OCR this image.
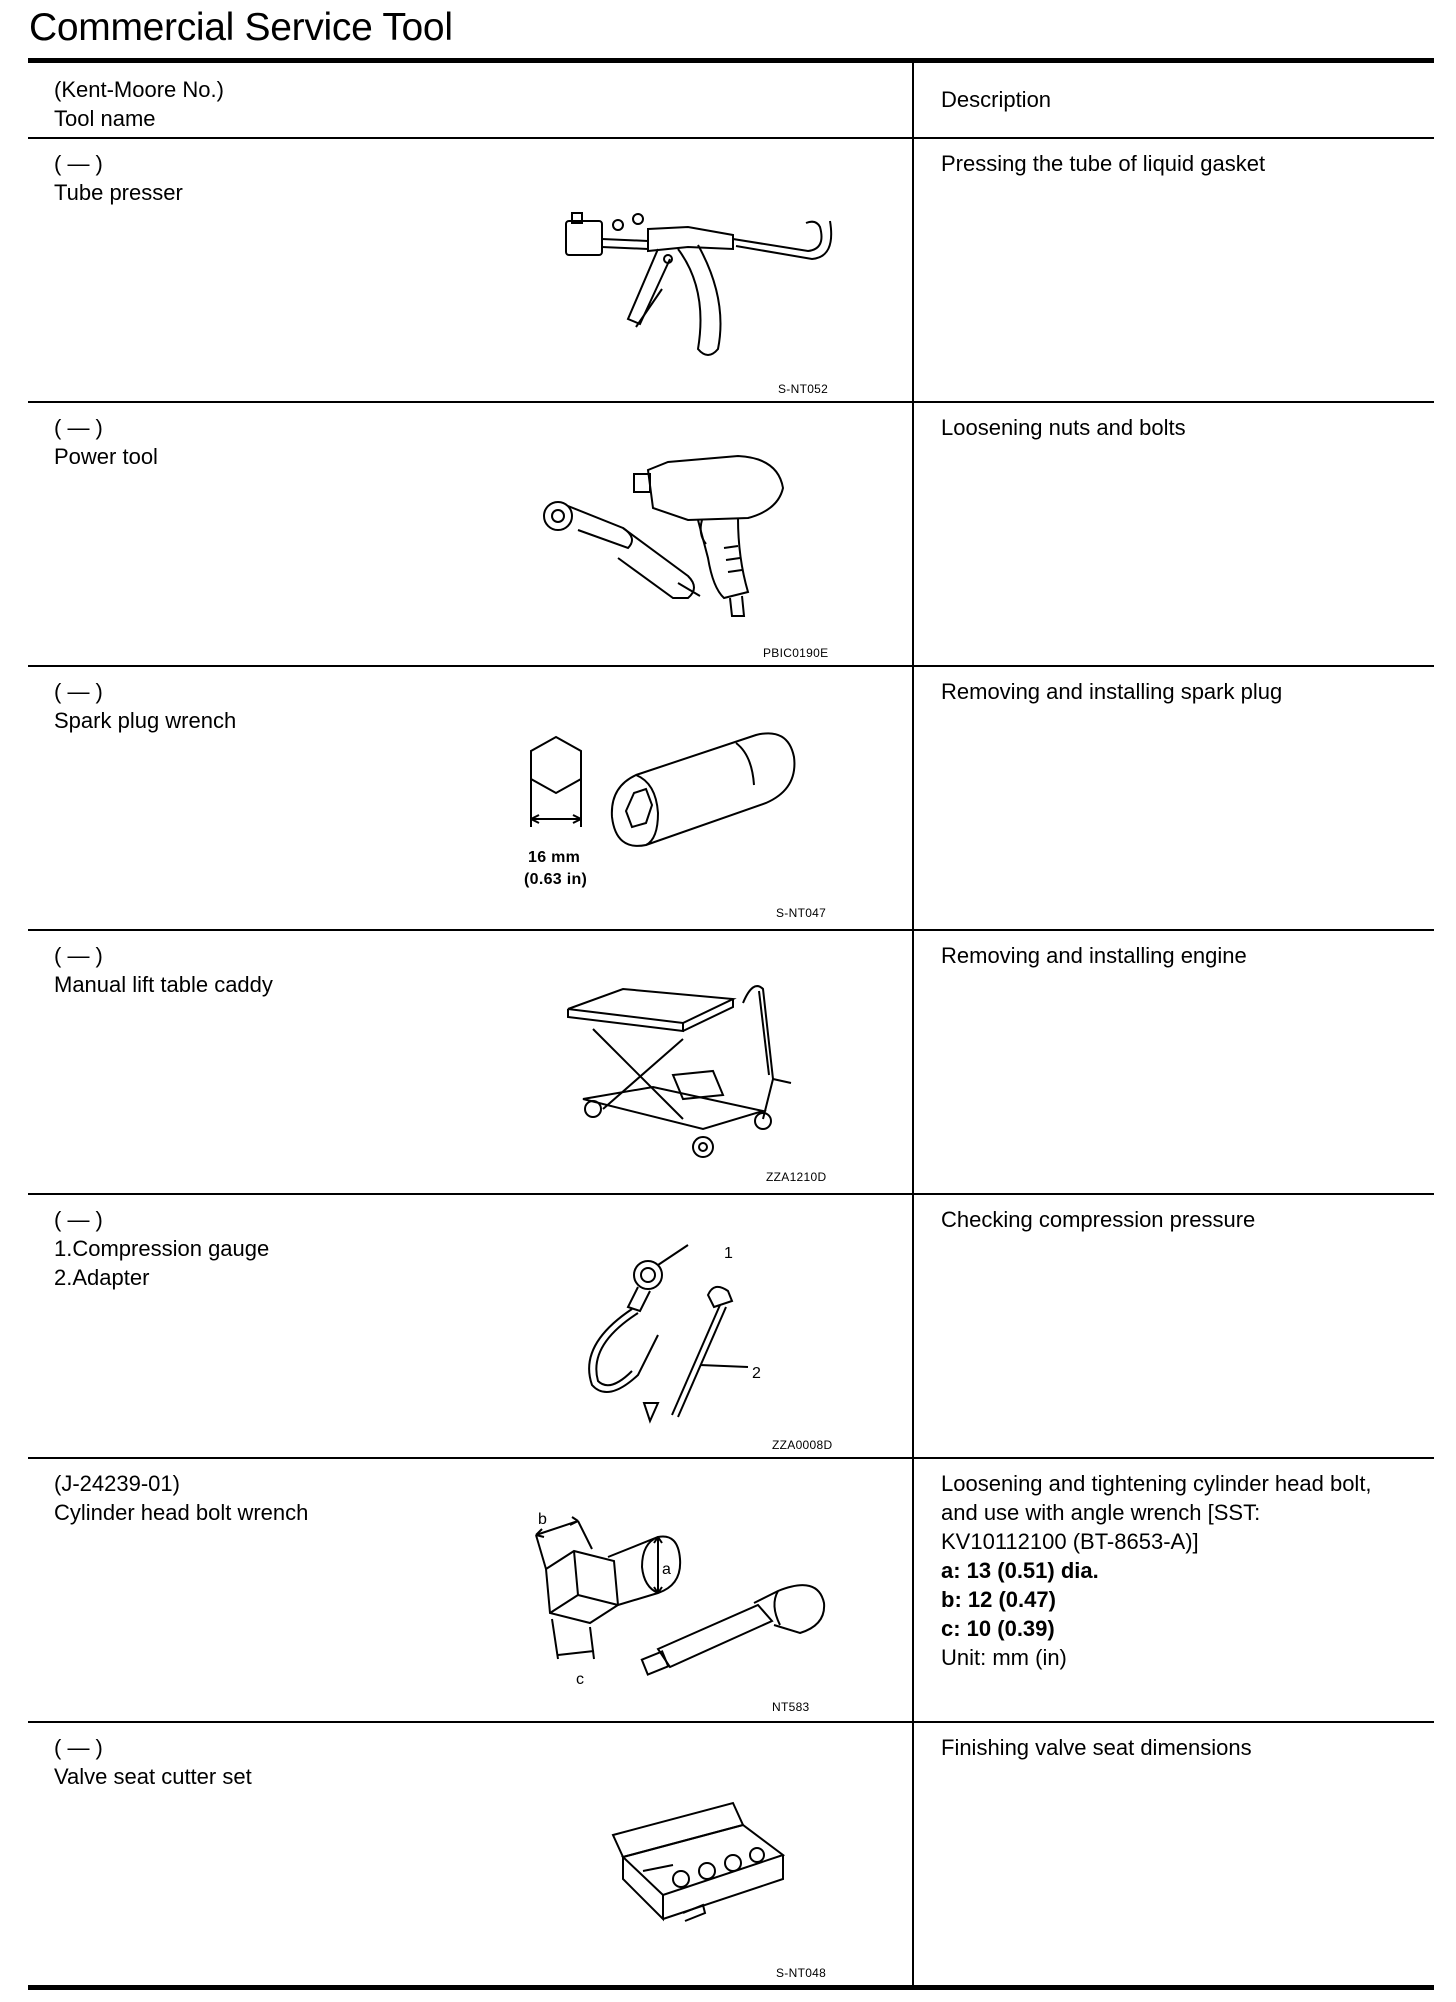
Commercial Service Tool
(Kent-Moore No.)
Tool name
Description
( — )
Tube presser
S-NT052
Pressing the tube of liquid gasket
( — )
Power tool
PBIC0190E
Loosening nuts and bolts
( — )
Spark plug wrench
16 mm
(0.63 in)
S-NT047
Removing and installing spark plug
( — )
Manual lift table caddy
ZZA1210D
Removing and installing engine
( — )
1.Compression gauge
2.Adapter
1
2
ZZA0008D
Checking compression pressure
(J-24239-01)
Cylinder head bolt wrench	b
a
c
NT583
Loosening and tightening cylinder head bolt,
and use with angle wrench [SST:
KV10112100 (BT-8653-A)]
a: 13 (0.51) dia.
b: 12 (0.47)
c: 10 (0.39)
Unit: mm (in)
( — )
Valve seat cutter set
S-NT048
Finishing valve seat dimensions
